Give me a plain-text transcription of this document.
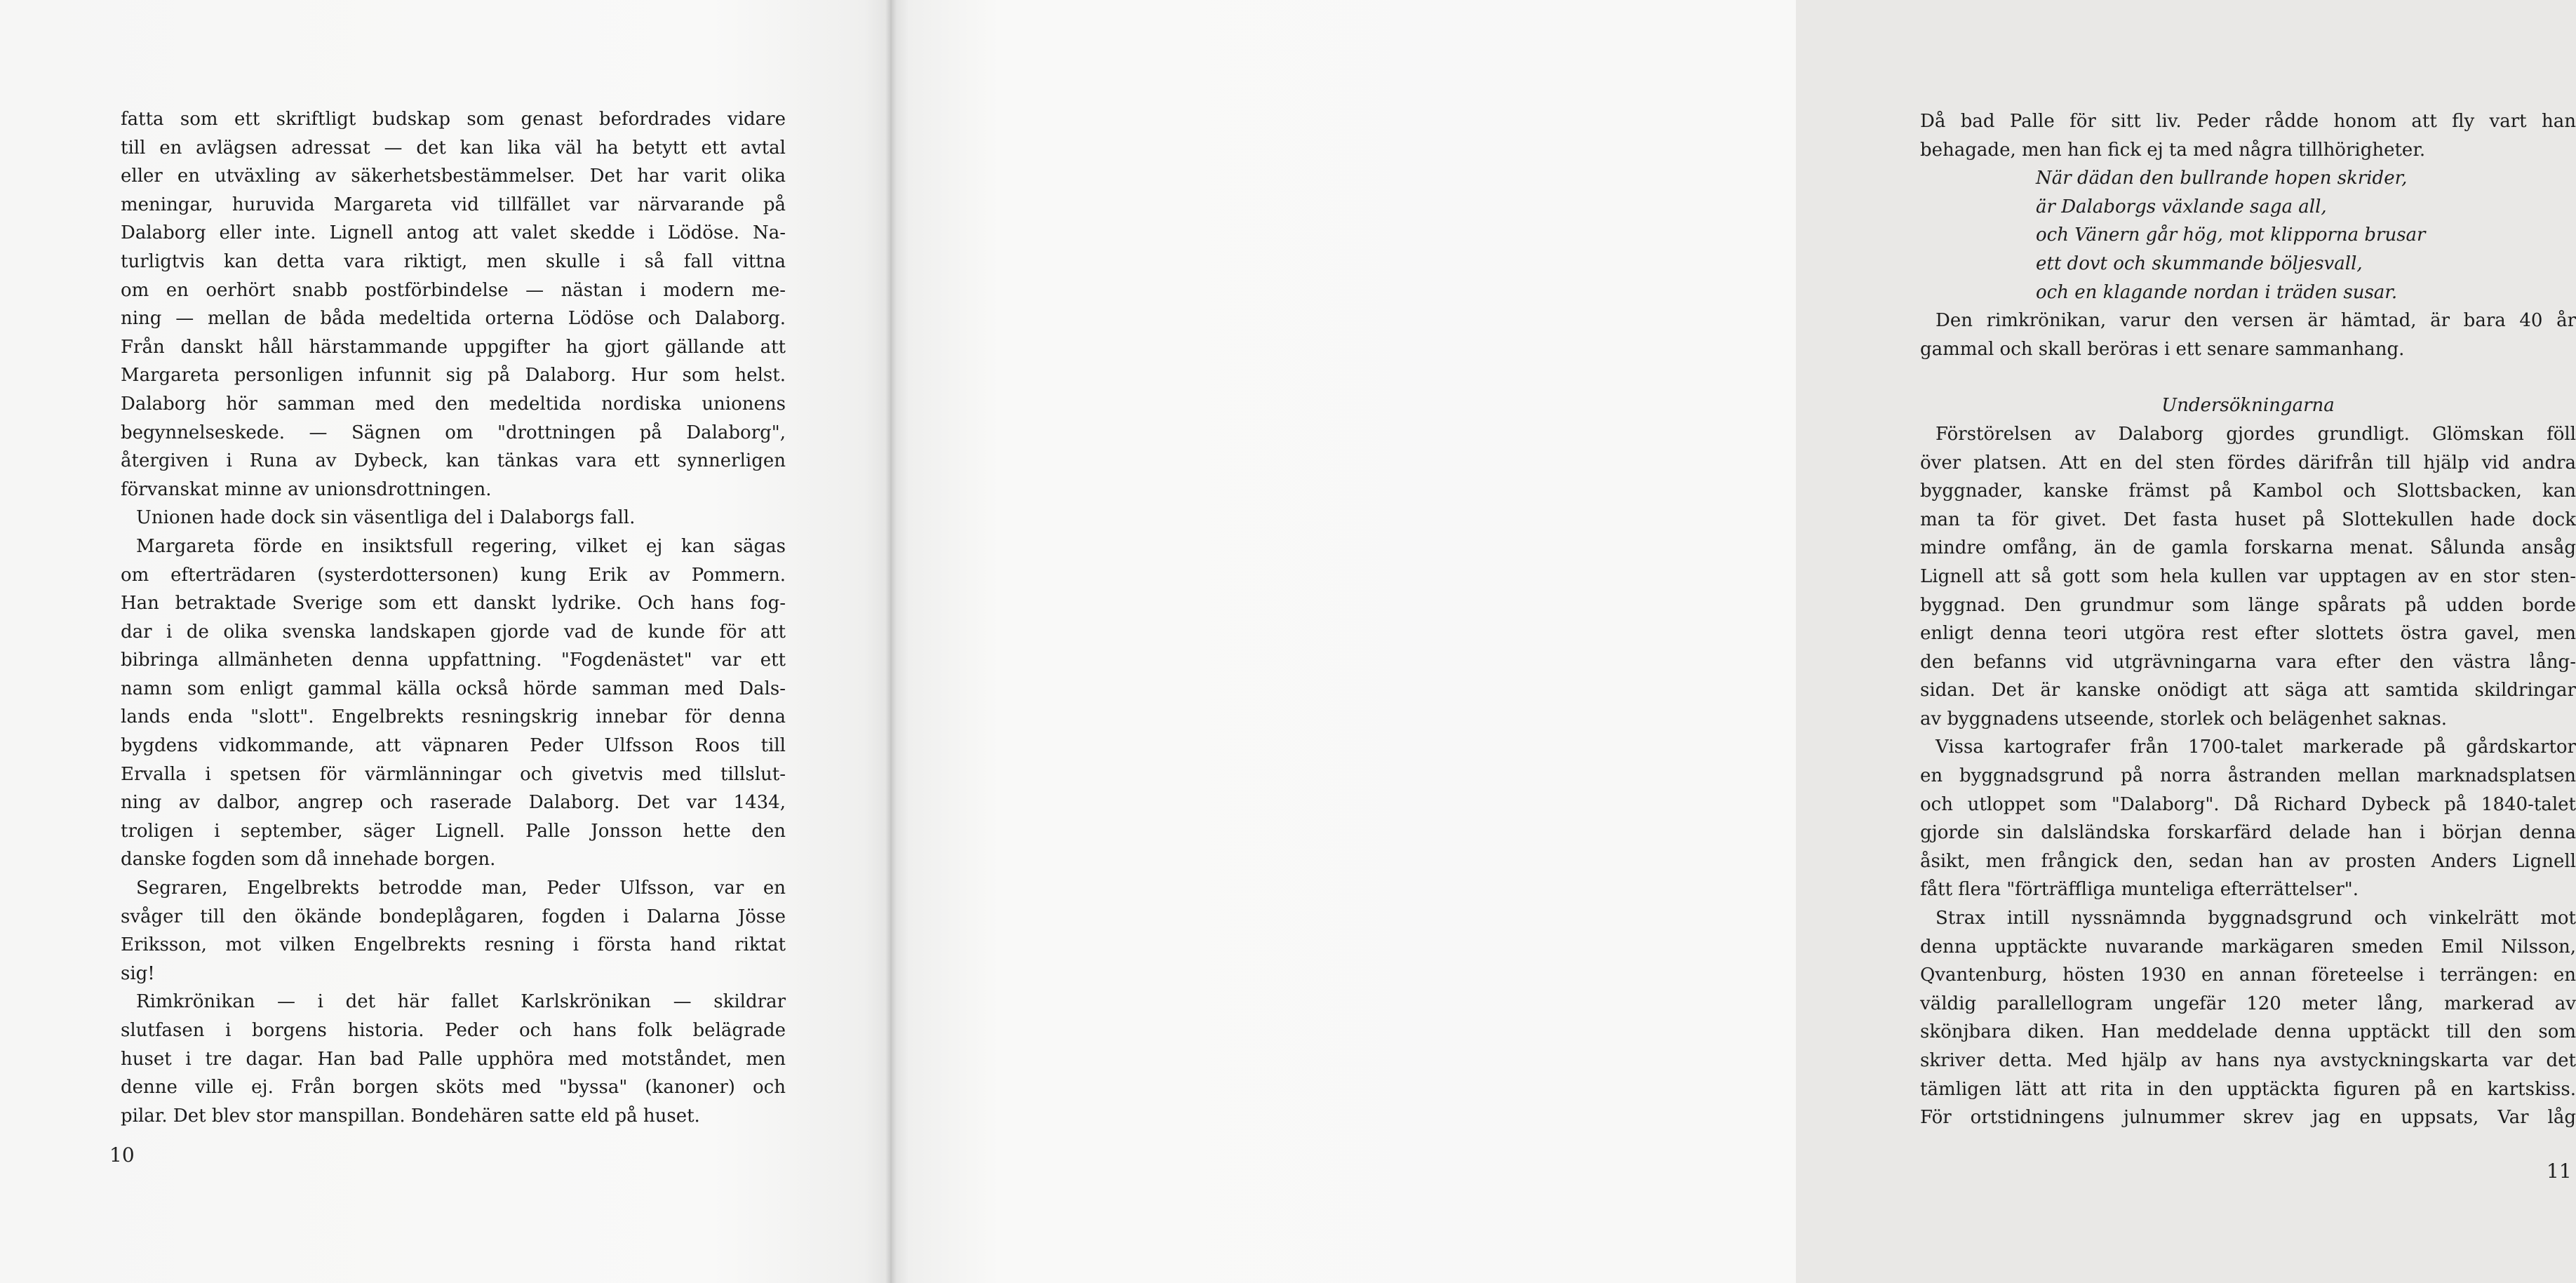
fatta som ett skriftligt budskap som genast befordrades vidare
till en avlägsen adressat — det kan lika väl ha betytt ett avtal
eller en utväxling av säkerhetsbestämmelser. Det har varit olika
meningar, huruvida Margareta vid tillfället var närvarande på
Dalaborg eller inte. Lignell antog att valet skedde i Lödöse. Na-
turligtvis kan detta vara riktigt, men skulle i så fall vittna
om en oerhört snabb postförbindelse — nästan i modern me-
ning — mellan de båda medeltida orterna Lödöse och Dalaborg.
Från danskt håll härstammande uppgifter ha gjort gällande att
Margareta personligen infunnit sig på Dalaborg. Hur som helst.
Dalaborg hör samman med den medeltida nordiska unionens
begynnelseskede. — Sägnen om "drottningen på Dalaborg",
återgiven i Runa av Dybeck, kan tänkas vara ett synnerligen
förvanskat minne av unionsdrottningen.
Unionen hade dock sin väsentliga del i Dalaborgs fall.
Margareta förde en insiktsfull regering, vilket ej kan sägas
om efterträdaren (systerdottersonen) kung Erik av Pommern.
Han betraktade Sverige som ett danskt lydrike. Och hans fog-
dar i de olika svenska landskapen gjorde vad de kunde för att
bibringa allmänheten denna uppfattning. "Fogdenästet" var ett
namn som enligt gammal källa också hörde samman med Dals-
lands enda "slott". Engelbrekts resningskrig innebar för denna
bygdens vidkommande, att väpnaren Peder Ulfsson Roos till
Ervalla i spetsen för värmlänningar och givetvis med tillslut-
ning av dalbor, angrep och raserade Dalaborg. Det var 1434,
troligen i september, säger Lignell. Palle Jonsson hette den
danske fogden som då innehade borgen.
Segraren, Engelbrekts betrodde man, Peder Ulfsson, var en
svåger till den ökände bondeplågaren, fogden i Dalarna Jösse
Eriksson, mot vilken Engelbrekts resning i första hand riktat
sig!
Rimkrönikan — i det här fallet Karlskrönikan — skildrar
slutfasen i borgens historia. Peder och hans folk belägrade
huset i tre dagar. Han bad Palle upphöra med motståndet, men
denne ville ej. Från borgen sköts med "byssa" (kanoner) och
pilar. Det blev stor manspillan. Bondehären satte eld på huset.
10
Då bad Palle för sitt liv. Peder rådde honom att fly vart han
behagade, men han fick ej ta med några tillhörigheter.
När dädan den bullrande hopen skrider,
är Dalaborgs växlande saga all,
och Vänern går hög, mot klipporna brusar
ett dovt och skummande böljesvall,
och en klagande nordan i träden susar.
Den rimkrönikan, varur den versen är hämtad, är bara 40 år
gammal och skall beröras i ett senare sammanhang.
Undersökningarna
Förstörelsen av Dalaborg gjordes grundligt. Glömskan föll
över platsen. Att en del sten fördes därifrån till hjälp vid andra
byggnader, kanske främst på Kambol och Slottsbacken, kan
man ta för givet. Det fasta huset på Slottekullen hade dock
mindre omfång, än de gamla forskarna menat. Sålunda ansåg
Lignell att så gott som hela kullen var upptagen av en stor sten-
byggnad. Den grundmur som länge spårats på udden borde
enligt denna teori utgöra rest efter slottets östra gavel, men
den befanns vid utgrävningarna vara efter den västra lång-
sidan. Det är kanske onödigt att säga att samtida skildringar
av byggnadens utseende, storlek och belägenhet saknas.
Vissa kartografer från 1700-talet markerade på gårdskartor
en byggnadsgrund på norra åstranden mellan marknadsplatsen
och utloppet som "Dalaborg". Då Richard Dybeck på 1840-talet
gjorde sin dalsländska forskarfärd delade han i början denna
åsikt, men frångick den, sedan han av prosten Anders Lignell
fått flera "förträffliga munteliga efterrättelser".
Strax intill nyssnämnda byggnadsgrund och vinkelrätt mot
denna upptäckte nuvarande markägaren smeden Emil Nilsson,
Qvantenburg, hösten 1930 en annan företeelse i terrängen: en
väldig parallellogram ungefär 120 meter lång, markerad av
skönjbara diken. Han meddelade denna upptäckt till den som
skriver detta. Med hjälp av hans nya avstyckningskarta var det
tämligen lätt att rita in den upptäckta figuren på en kartskiss.
För ortstidningens julnummer skrev jag en uppsats, Var låg
11
